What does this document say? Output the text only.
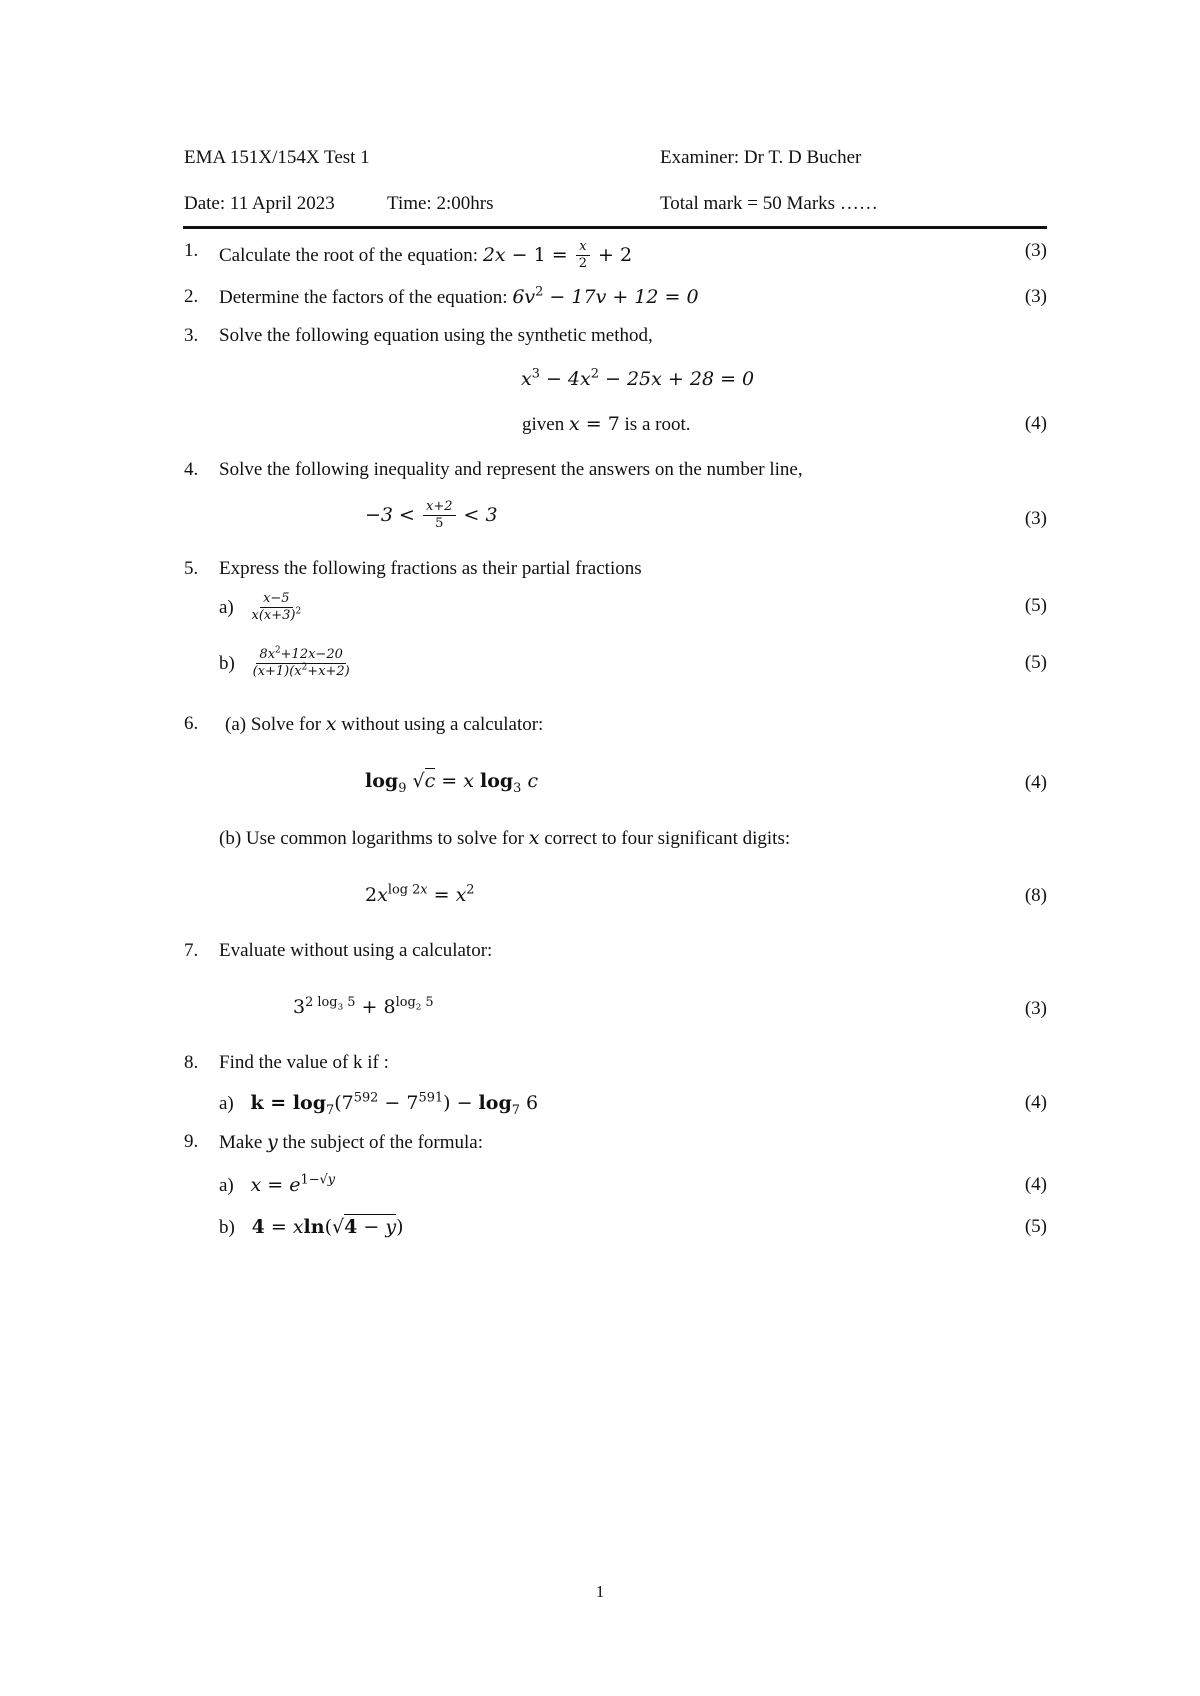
EMA 151X/154X Test 1	Examiner: Dr T. D Bucher
Date: 11 April 2023	Time: 2:00hrs	Total mark = 50 Marks ……
1. Calculate the root of the equation: $2x - 1 = \frac{x}{2} + 2$	(3)
2. Determine the factors of the equation: $6v^2 - 17v + 12 = 0$	(3)
3. Solve the following equation using the synthetic method,
$x^3 - 4x^2 - 25x + 28 = 0$
given x = 7 is a root.	(4)
4. Solve the following inequality and represent the answers on the number line,
$-3 < \frac{x+2}{5} < 3$	(3)
5. Express the following fractions as their partial fractions
$a) \frac{x-5}{x(x+3)^2}$	(5)
$b) \frac{8x^2+12x-20}{(x+1)(x^2+x+2)}$	(5)
6. (a) Solve for x without using a calculator:
$\log_9 √c = x$ $\log_3 c$	(4)
(b) Use common logarithms to solve for x correct to four significant digits:
$2x^{log 2x} = x^2$	(8)
7. Evaluate without using a calculator:
$3^{2 log_3 5} + 8^{log_2 5}$	(3)
8. Find the value of k if :
a) $k = \log_7(7^{592} - 7^{591}) - \log_7 6$	(4)
9. Make y the subject of the formula:
a) $x = e^{1-√y}$	(4)
b) 4 = xln(√4 − y)	(5)
1
